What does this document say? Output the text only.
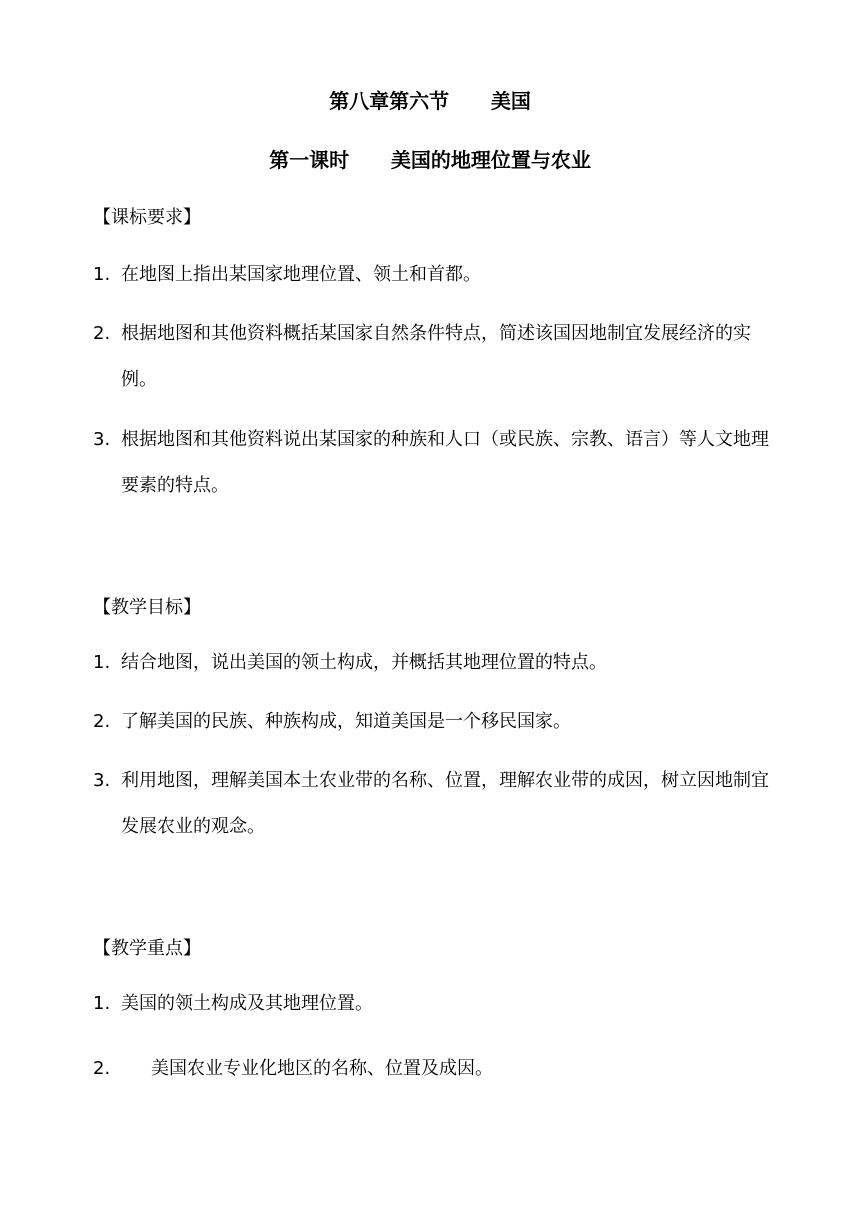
第八章第六节      美国
第一课时      美国的地理位置与农业
【课标要求】
1. 在地图上指出某国家地理位置、领土和首都。
2. 根据地图和其他资料概括某国家自然条件特点，简述该国因地制宜发展经济的实例。
3. 根据地图和其他资料说出某国家的种族和人口（或民族、宗教、语言）等人文地理要素的特点。
【教学目标】
1. 结合地图，说出美国的领土构成，并概括其地理位置的特点。
2. 了解美国的民族、种族构成，知道美国是一个移民国家。
3. 利用地图，理解美国本土农业带的名称、位置，理解农业带的成因，树立因地制宜发展农业的观念。
【教学重点】
1. 美国的领土构成及其地理位置。
2. 美国农业专业化地区的名称、位置及成因。
